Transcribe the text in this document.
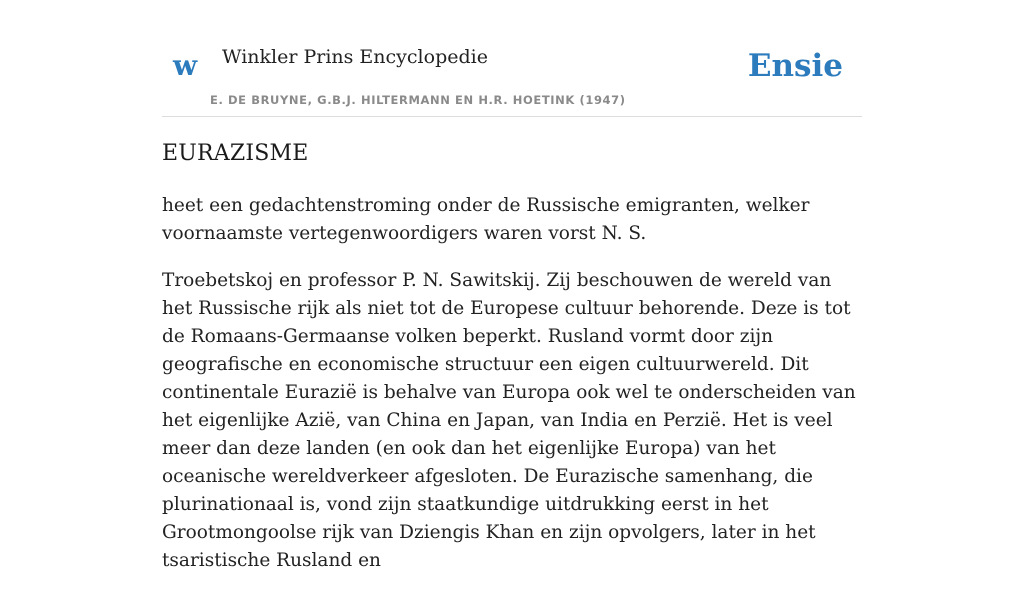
w Winkler Prins Encyclopedie
E. DE BRUYNE, G.B.J. HILTERMANN EN H.R. HOETINK (1947)
Ensie
EURAZISME

heet een gedachtenstroming onder de Russische emigranten, welker voornaamste vertegenwoordigers waren vorst N. S.

Troebetskoj en professor P. N. Sawitskij. Zij beschouwen de wereld van het Russische rijk als niet tot de Europese cultuur behorende. Deze is tot de Romaans-Germaanse volken beperkt. Rusland vormt door zijn geografische en economische structuur een eigen cultuurwereld. Dit continentale Eurazië is behalve van Europa ook wel te onderscheiden van het eigenlijke Azië, van China en Japan, van India en Perzië. Het is veel meer dan deze landen (en ook dan het eigenlijke Europa) van het oceanische wereldverkeer afgesloten. De Eurazische samenhang, die plurinationaal is, vond zijn staatkundige uitdrukking eerst in het Grootmongoolse rijk van Dziengis Khan en zijn opvolgers, later in het tsaristische Rusland en
